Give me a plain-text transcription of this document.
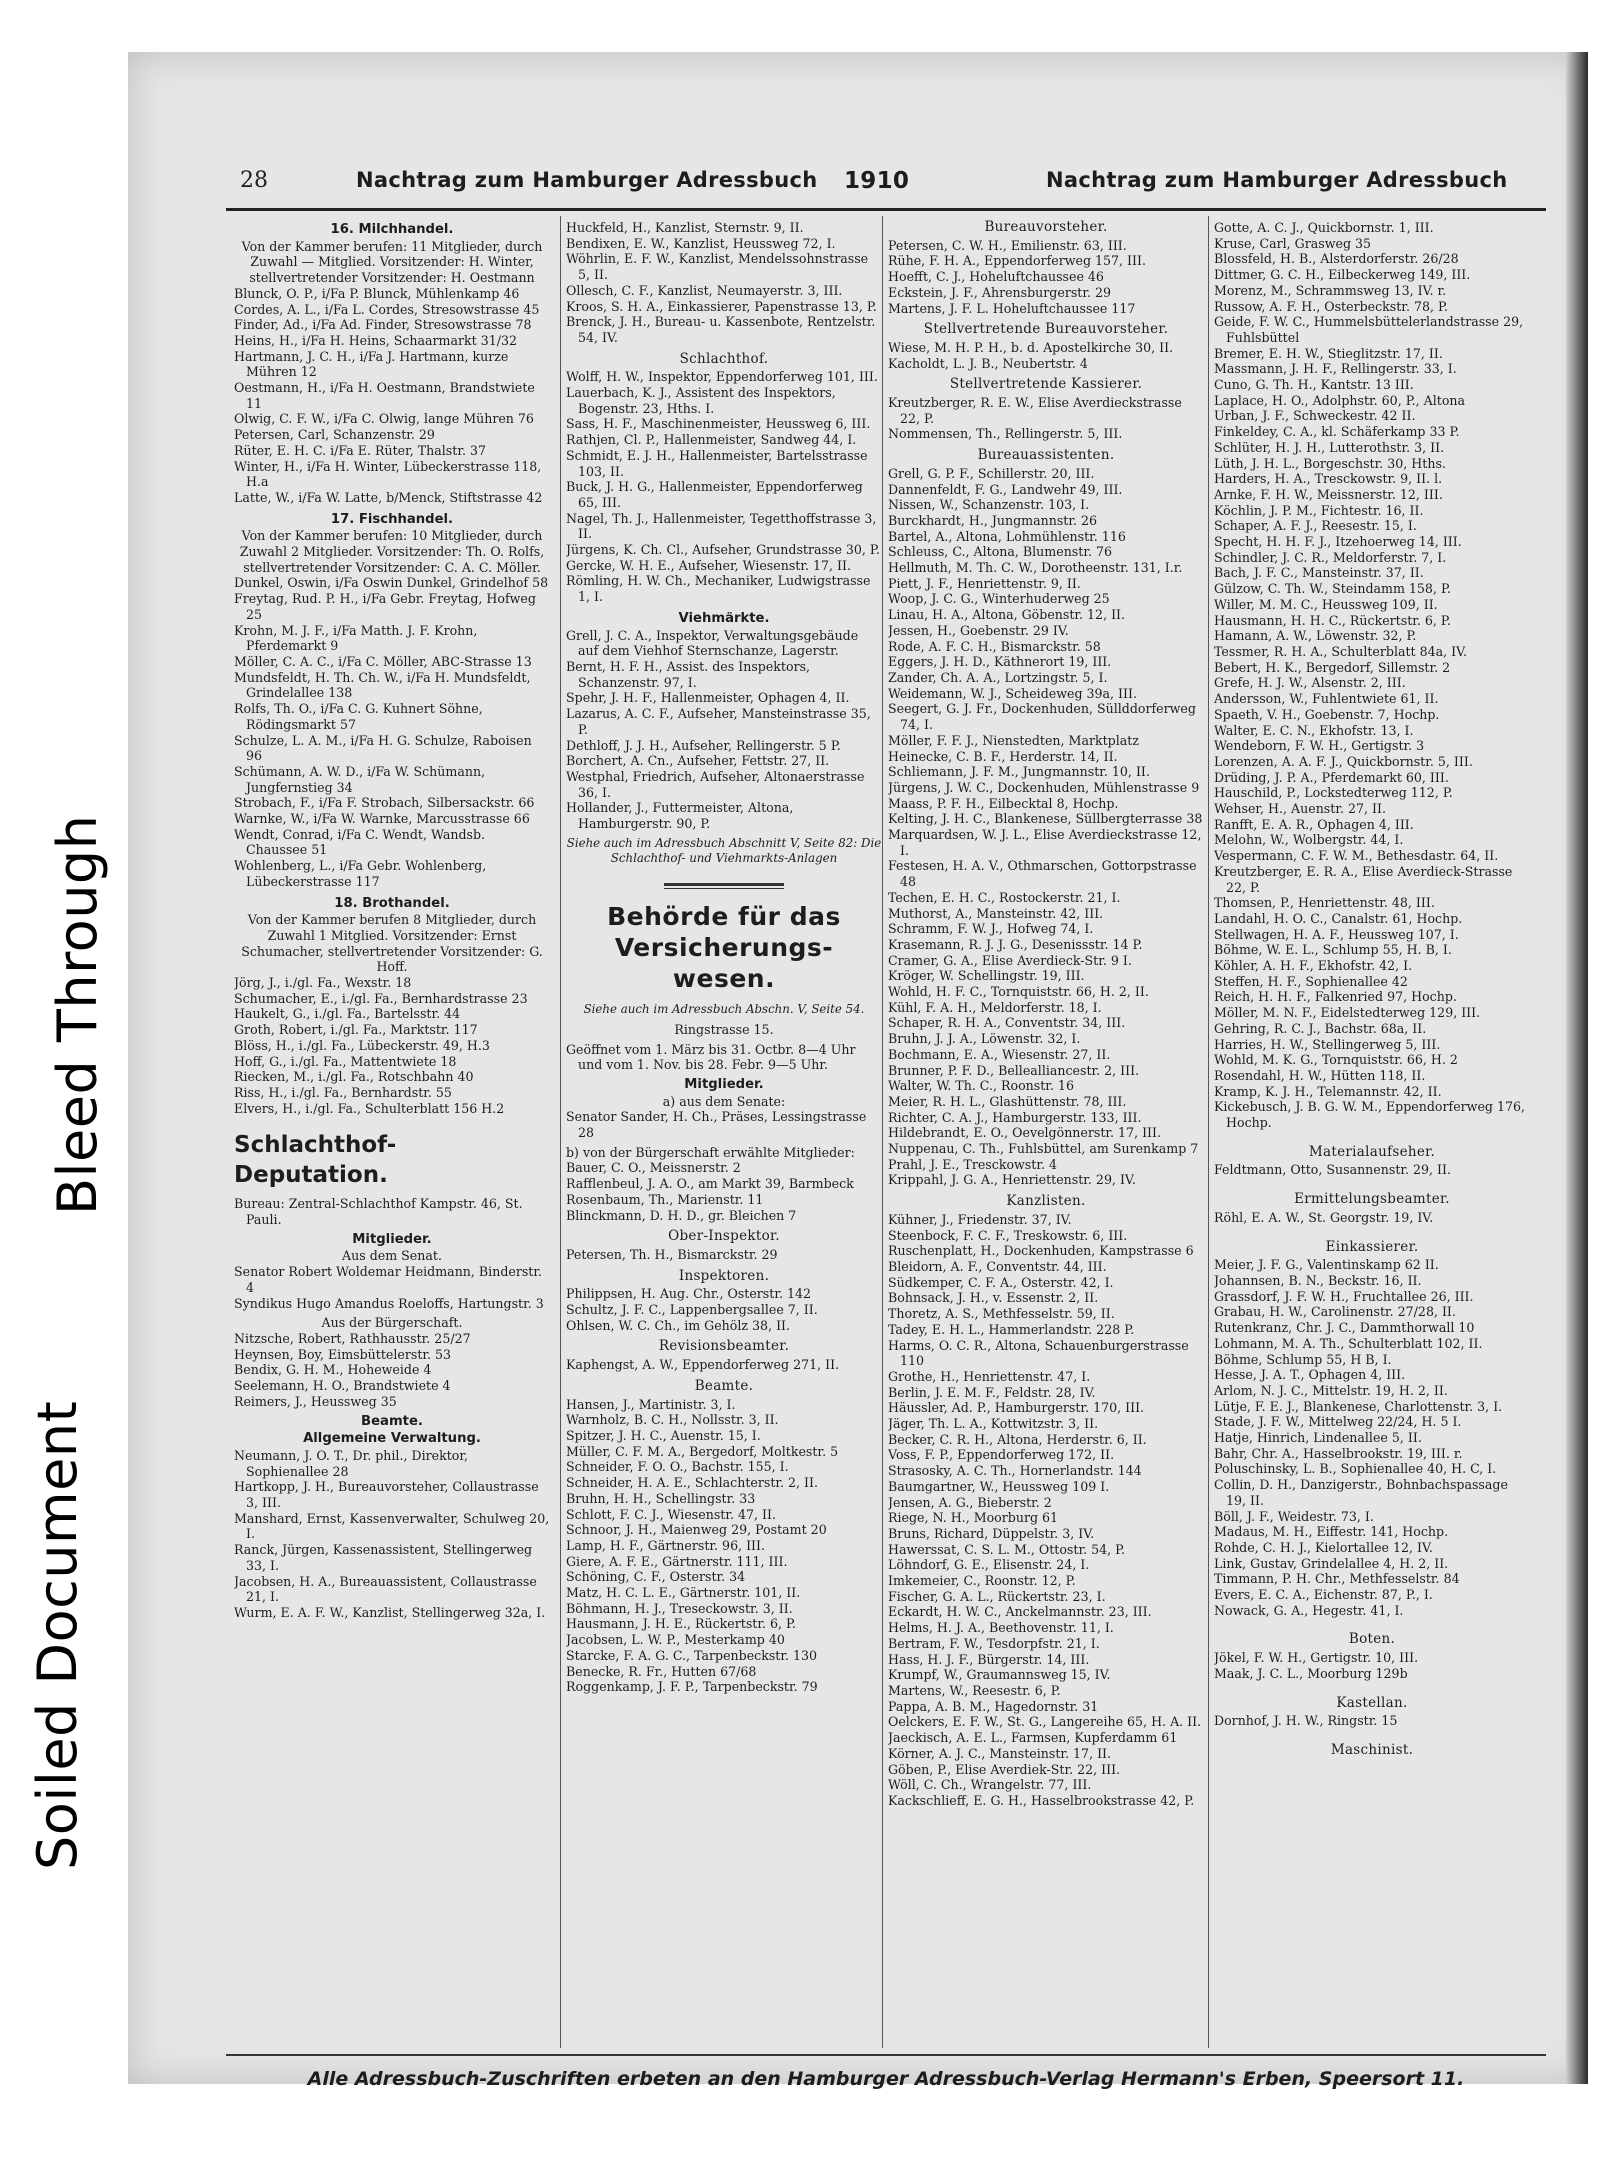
Soiled Document
Bleed Through
28	Nachtrag zum Hamburger Adressbuch 1910	Nachtrag zum Hamburger Adressbuch
16. Milchhandel.
Von der Kammer berufen: 11 Mitglieder, durch Zuwahl — Mitglied. Vorsitzender: H. Winter, stellvertretender Vorsitzender: H. Oestmann
Blunck, O. P., i/Fa P. Blunck, Mühlenkamp 46
Cordes, A. L., i/Fa L. Cordes, Stresowstrasse 45
Finder, Ad., i/Fa Ad. Finder, Stresowstrasse 78
Heins, H., i/Fa H. Heins, Schaarmarkt 31/32
Hartmann, J. C. H., i/Fa J. Hartmann, kurze Mühren 12
Oestmann, H., i/Fa H. Oestmann, Brandstwiete 11
Olwig, C. F. W., i/Fa C. Olwig, lange Mühren 76
Petersen, Carl, Schanzenstr. 29
Rüter, E. H. C. i/Fa E. Rüter, Thalstr. 37
Winter, H., i/Fa H. Winter, Lübeckerstrasse 118, H.a
Latte, W., i/Fa W. Latte, b/Menck, Stiftstrasse 42
17. Fischhandel.
Von der Kammer berufen: 10 Mitglieder, durch Zuwahl 2 Mitglieder. Vorsitzender: Th. O. Rolfs, stellvertretender Vorsitzender: C. A. C. Möller.
Dunkel, Oswin, i/Fa Oswin Dunkel, Grindelhof 58
Freytag, Rud. P. H., i/Fa Gebr. Freytag, Hofweg 25
Krohn, M. J. F., i/Fa Matth. J. F. Krohn, Pferdemarkt 9
Möller, C. A. C., i/Fa C. Möller, ABC-Strasse 13
Mundsfeldt, H. Th. Ch. W., i/Fa H. Mundsfeldt, Grindelallee 138
Rolfs, Th. O., i/Fa C. G. Kuhnert Söhne, Rödingsmarkt 57
Schulze, L. A. M., i/Fa H. G. Schulze, Raboisen 96
Schümann, A. W. D., i/Fa W. Schümann, Jungfernstieg 34
Strobach, F., i/Fa F. Strobach, Silbersackstr. 66
Warnke, W., i/Fa W. Warnke, Marcusstrasse 66
Wendt, Conrad, i/Fa C. Wendt, Wandsb. Chaussee 51
Wohlenberg, L., i/Fa Gebr. Wohlenberg, Lübeckerstrasse 117
18. Brothandel.
Von der Kammer berufen 8 Mitglieder, durch Zuwahl 1 Mitglied. Vorsitzender: Ernst Schumacher, stellvertretender Vorsitzender: G. Hoff.
Jörg, J., i./gl. Fa., Wexstr. 18
Schumacher, E., i./gl. Fa., Bernhardstrasse 23
Haukelt, G., i./gl. Fa., Bartelsstr. 44
Groth, Robert, i./gl. Fa., Marktstr. 117
Blöss, H., i./gl. Fa., Lübeckerstr. 49, H.3
Hoff, G., i./gl. Fa., Mattentwiete 18
Riecken, M., i./gl. Fa., Rotschbahn 40
Riss, H., i./gl. Fa., Bernhardstr. 55
Elvers, H., i./gl. Fa., Schulterblatt 156 H.2
Schlachthof-Deputation.
Bureau: Zentral-Schlachthof Kampstr. 46, St. Pauli.
Mitglieder.
Aus dem Senat.
Senator Robert Woldemar Heidmann, Binderstr. 4
Syndikus Hugo Amandus Roeloffs, Hartungstr. 3
Aus der Bürgerschaft.
Nitzsche, Robert, Rathhausstr. 25/27
Heynsen, Boy, Eimsbüttelerstr. 53
Bendix, G. H. M., Hoheweide 4
Seelemann, H. O., Brandstwiete 4
Reimers, J., Heussweg 35
Beamte.
Allgemeine Verwaltung.
Neumann, J. O. T., Dr. phil., Direktor, Sophienallee 28
Hartkopp, J. H., Bureauvorsteher, Collaustrasse 3, III.
Manshard, Ernst, Kassenverwalter, Schulweg 20, I.
Ranck, Jürgen, Kassenassistent, Stellingerweg 33, I.
Jacobsen, H. A., Bureauassistent, Collaustrasse 21, I.
Wurm, E. A. F. W., Kanzlist, Stellingerweg 32a, I.
Huckfeld, H., Kanzlist, Sternstr. 9, II.
Bendixen, E. W., Kanzlist, Heussweg 72, I.
Wöhrlin, E. F. W., Kanzlist, Mendelssohnstrasse 5, II.
Ollesch, C. F., Kanzlist, Neumayerstr. 3, III.
Kroos, S. H. A., Einkassierer, Papenstrasse 13, P.
Brenck, J. H., Bureau- u. Kassenbote, Rentzelstr. 54, IV.
Schlachthof.
Wolff, H. W., Inspektor, Eppendorferweg 101, III.
Lauerbach, K. J., Assistent des Inspektors, Bogenstr. 23, Hths. I.
Sass, H. F., Maschinenmeister, Heussweg 6, III.
Rathjen, Cl. P., Hallenmeister, Sandweg 44, I.
Schmidt, E. J. H., Hallenmeister, Bartelsstrasse 103, II.
Buck, J. H. G., Hallenmeister, Eppendorferweg 65, III.
Nagel, Th. J., Hallenmeister, Tegetthoffstrasse 3, II.
Jürgens, K. Ch. Cl., Aufseher, Grundstrasse 30, P.
Gercke, W. H. E., Aufseher, Wiesenstr. 17, II.
Römling, H. W. Ch., Mechaniker, Ludwigstrasse 1, I.
Viehmärkte.
Grell, J. C. A., Inspektor, Verwaltungsgebäude auf dem Viehhof Sternschanze, Lagerstr.
Bernt, H. F. H., Assist. des Inspektors, Schanzenstr. 97, I.
Spehr, J. H. F., Hallenmeister, Ophagen 4, II.
Lazarus, A. C. F., Aufseher, Mansteinstrasse 35, P.
Dethloff, J. J. H., Aufseher, Rellingerstr. 5 P.
Borchert, A. Cn., Aufseher, Fettstr. 27, II.
Westphal, Friedrich, Aufseher, Altonaerstrasse 36, I.
Hollander, J., Futtermeister, Altona, Hamburgerstr. 90, P.
Siehe auch im Adressbuch Abschnitt V, Seite 82: Die Schlachthof- und Viehmarkts-Anlagen
Behörde für das Versicherungs-wesen.
Siehe auch im Adressbuch Abschn. V, Seite 54.
Ringstrasse 15.
Geöffnet vom 1. März bis 31. Octbr. 8—4 Uhr und vom 1. Nov. bis 28. Febr. 9—5 Uhr.
Mitglieder.
a) aus dem Senate:
Senator Sander, H. Ch., Präses, Lessingstrasse 28
b) von der Bürgerschaft erwählte Mitglieder:
Bauer, C. O., Meissnerstr. 2
Rafflenbeul, J. A. O., am Markt 39, Barmbeck
Rosenbaum, Th., Marienstr. 11
Blinckmann, D. H. D., gr. Bleichen 7
Ober-Inspektor.
Petersen, Th. H., Bismarckstr. 29
Inspektoren.
Philippsen, H. Aug. Chr., Osterstr. 142
Schultz, J. F. C., Lappenbergsallee 7, II.
Ohlsen, W. C. Ch., im Gehölz 38, II.
Revisionsbeamter.
Kaphengst, A. W., Eppendorferweg 271, II.
Beamte.
Hansen, J., Martinistr. 3, I.
Warnholz, B. C. H., Nollsstr. 3, II.
Spitzer, J. H. C., Auenstr. 15, I.
Müller, C. F. M. A., Bergedorf, Moltkestr. 5
Schneider, F. O. O., Bachstr. 155, I.
Schneider, H. A. E., Schlachterstr. 2, II.
Bruhn, H. H., Schellingstr. 33
Schlott, F. C. J., Wiesenstr. 47, II.
Schnoor, J. H., Maienweg 29, Postamt 20
Lamp, H. F., Gärtnerstr. 96, III.
Giere, A. F. E., Gärtnerstr. 111, III.
Schöning, C. F., Osterstr. 34
Matz, H. C. L. E., Gärtnerstr. 101, II.
Böhmann, H. J., Treseckowstr. 3, II.
Hausmann, J. H. E., Rückertstr. 6, P.
Jacobsen, L. W. P., Mesterkamp 40
Starcke, F. A. G. C., Tarpenbeckstr. 130
Benecke, R. Fr., Hutten 67/68
Roggenkamp, J. F. P., Tarpenbeckstr. 79
Bureauvorsteher.
Petersen, C. W. H., Emilienstr. 63, III.
Rühe, F. H. A., Eppendorferweg 157, III.
Hoefft, C. J., Hoheluftchaussee 46
Eckstein, J. F., Ahrensburgerstr. 29
Martens, J. F. L. Hoheluftchaussee 117
Stellvertretende Bureauvorsteher.
Wiese, M. H. P. H., b. d. Apostelkirche 30, II.
Kacholdt, L. J. B., Neubertstr. 4
Stellvertretende Kassierer.
Kreutzberger, R. E. W., Elise Averdieckstrasse 22, P.
Nommensen, Th., Rellingerstr. 5, III.
Bureauassistenten.
Grell, G. P. F., Schillerstr. 20, III.
Dannenfeldt, F. G., Landwehr 49, III.
Nissen, W., Schanzenstr. 103, I.
Burckhardt, H., Jungmannstr. 26
Bartel, A., Altona, Lohmühlenstr. 116
Schleuss, C., Altona, Blumenstr. 76
Hellmuth, M. Th. C. W., Dorotheenstr. 131, I.r.
Piett, J. F., Henriettenstr. 9, II.
Woop, J. C. G., Winterhuderweg 25
Linau, H. A., Altona, Göbenstr. 12, II.
Jessen, H., Goebenstr. 29 IV.
Rode, A. F. C. H., Bismarckstr. 58
Eggers, J. H. D., Käthnerort 19, III.
Zander, Ch. A. A., Lortzingstr. 5, I.
Weidemann, W. J., Scheideweg 39a, III.
Seegert, G. J. Fr., Dockenhuden, Süllddorferweg 74, I.
Möller, F. F. J., Nienstedten, Marktplatz
Heinecke, C. B. F., Herderstr. 14, II.
Schliemann, J. F. M., Jungmannstr. 10, II.
Jürgens, J. W. C., Dockenhuden, Mühlenstrasse 9
Maass, P. F. H., Eilbecktal 8, Hochp.
Kelting, J. H. C., Blankenese, Süllbergterrasse 38
Marquardsen, W. J. L., Elise Averdieckstrasse 12, I.
Festesen, H. A. V., Othmarschen, Gottorpstrasse 48
Techen, E. H. C., Rostockerstr. 21, I.
Muthorst, A., Mansteinstr. 42, III.
Schramm, F. W. J., Hofweg 74, I.
Krasemann, R. J. J. G., Desenissstr. 14 P.
Cramer, G. A., Elise Averdieck-Str. 9 I.
Kröger, W. Schellingstr. 19, III.
Wohld, H. F. C., Tornquiststr. 66, H. 2, II.
Kühl, F. A. H., Meldorferstr. 18, I.
Schaper, R. H. A., Conventstr. 34, III.
Bruhn, J. J. A., Löwenstr. 32, I.
Bochmann, E. A., Wiesenstr. 27, II.
Brunner, P. F. D., Bellealliancestr. 2, III.
Walter, W. Th. C., Roonstr. 16
Meier, R. H. L., Glashüttenstr. 78, III.
Richter, C. A. J., Hamburgerstr. 133, III.
Hildebrandt, E. O., Oevelgönnerstr. 17, III.
Nuppenau, C. Th., Fuhlsbüttel, am Surenkamp 7
Prahl, J. E., Tresckowstr. 4
Krippahl, J. G. A., Henriettenstr. 29, IV.
Kanzlisten.
Kühner, J., Friedenstr. 37, IV.
Steenbock, F. C. F., Treskowstr. 6, III.
Ruschenplatt, H., Dockenhuden, Kampstrasse 6
Bleidorn, A. F., Conventstr. 44, III.
Südkemper, C. F. A., Osterstr. 42, I.
Bohnsack, J. H., v. Essenstr. 2, II.
Thoretz, A. S., Methfesselstr. 59, II.
Tadey, E. H. L., Hammerlandstr. 228 P.
Harms, O. C. R., Altona, Schauenburgerstrasse 110
Grothe, H., Henriettenstr. 47, I.
Berlin, J. E. M. F., Feldstr. 28, IV.
Häussler, Ad. P., Hamburgerstr. 170, III.
Jäger, Th. L. A., Kottwitzstr. 3, II.
Becker, C. R. H., Altona, Herderstr. 6, II.
Voss, F. P., Eppendorferweg 172, II.
Strasosky, A. C. Th., Hornerlandstr. 144
Baumgartner, W., Heussweg 109 I.
Jensen, A. G., Bieberstr. 2
Riege, N. H., Moorburg 61
Bruns, Richard, Düppelstr. 3, IV.
Hawerssat, C. S. L. M., Ottostr. 54, P.
Löhndorf, G. E., Elisenstr. 24, I.
Imkemeier, C., Roonstr. 12, P.
Fischer, G. A. L., Rückertstr. 23, I.
Eckardt, H. W. C., Anckelmannstr. 23, III.
Helms, H. J. A., Beethovenstr. 11, I.
Bertram, F. W., Tesdorpfstr. 21, I.
Hass, H. J. F., Bürgerstr. 14, III.
Krumpf, W., Graumannsweg 15, IV.
Martens, W., Reesestr. 6, P.
Pappa, A. B. M., Hagedornstr. 31
Oelckers, E. F. W., St. G., Langereihe 65, H. A. II.
Jaeckisch, A. E. L., Farmsen, Kupferdamm 61
Körner, A. J. C., Mansteinstr. 17, II.
Göben, P., Elise Averdiek-Str. 22, III.
Wöll, C. Ch., Wrangelstr. 77, III.
Kackschlieff, E. G. H., Hasselbrookstrasse 42, P.
Gotte, A. C. J., Quickbornstr. 1, III.
Kruse, Carl, Grasweg 35
Blossfeld, H. B., Alsterdorferstr. 26/28
Dittmer, G. C. H., Eilbeckerweg 149, III.
Morenz, M., Schrammsweg 13, IV. r.
Russow, A. F. H., Osterbeckstr. 78, P.
Geide, F. W. C., Hummelsbüttelerlandstrasse 29, Fuhlsbüttel
Bremer, E. H. W., Stieglitzstr. 17, II.
Massmann, J. H. F., Rellingerstr. 33, I.
Cuno, G. Th. H., Kantstr. 13 III.
Laplace, H. O., Adolphstr. 60, P., Altona
Urban, J. F., Schweckestr. 42 II.
Finkeldey, C. A., kl. Schäferkamp 33 P.
Schlüter, H. J. H., Lutterothstr. 3, II.
Lüth, J. H. L., Borgeschstr. 30, Hths.
Harders, H. A., Tresckowstr. 9, II. l.
Arnke, F. H. W., Meissnerstr. 12, III.
Köchlin, J. P. M., Fichtestr. 16, II.
Schaper, A. F. J., Reesestr. 15, I.
Specht, H. H. F. J., Itzehoerweg 14, III.
Schindler, J. C. R., Meldorferstr. 7, I.
Bach, J. F. C., Mansteinstr. 37, II.
Gülzow, C. Th. W., Steindamm 158, P.
Willer, M. M. C., Heussweg 109, II.
Hausmann, H. H. C., Rückertstr. 6, P.
Hamann, A. W., Löwenstr. 32, P.
Tessmer, R. H. A., Schulterblatt 84a, IV.
Bebert, H. K., Bergedorf, Sillemstr. 2
Grefe, H. J. W., Alsenstr. 2, III.
Andersson, W., Fuhlentwiete 61, II.
Spaeth, V. H., Goebenstr. 7, Hochp.
Walter, E. C. N., Ekhofstr. 13, I.
Wendeborn, F. W. H., Gertigstr. 3
Lorenzen, A. A. F. J., Quickbornstr. 5, III.
Drüding, J. P. A., Pferdemarkt 60, III.
Hauschild, P., Lockstedterweg 112, P.
Wehser, H., Auenstr. 27, II.
Ranfft, E. A. R., Ophagen 4, III.
Melohn, W., Wolbergstr. 44, I.
Vespermann, C. F. W. M., Bethesdastr. 64, II.
Kreutzberger, E. R. A., Elise Averdieck-Strasse 22, P.
Thomsen, P., Henriettenstr. 48, III.
Landahl, H. O. C., Canalstr. 61, Hochp.
Stellwagen, H. A. F., Heussweg 107, I.
Böhme, W. E. L., Schlump 55, H. B, I.
Köhler, A. H. F., Ekhofstr. 42, I.
Steffen, H. F., Sophienallee 42
Reich, H. H. F., Falkenried 97, Hochp.
Möller, M. N. F., Eidelstedterweg 129, III.
Gehring, R. C. J., Bachstr. 68a, II.
Harries, H. W., Stellingerweg 5, III.
Wohld, M. K. G., Tornquiststr. 66, H. 2
Rosendahl, H. W., Hütten 118, II.
Kramp, K. J. H., Telemannstr. 42, II.
Kickebusch, J. B. G. W. M., Eppendorferweg 176, Hochp.
Materialaufseher.
Feldtmann, Otto, Susannenstr. 29, II.
Ermittelungsbeamter.
Röhl, E. A. W., St. Georgstr. 19, IV.
Einkassierer.
Meier, J. F. G., Valentinskamp 62 II.
Johannsen, B. N., Beckstr. 16, II.
Grassdorf, J. F. W. H., Fruchtallee 26, III.
Grabau, H. W., Carolinenstr. 27/28, II.
Rutenkranz, Chr. J. C., Dammthorwall 10
Lohmann, M. A. Th., Schulterblatt 102, II.
Böhme, Schlump 55, H B, I.
Hesse, J. A. T., Ophagen 4, III.
Arlom, N. J. C., Mittelstr. 19, H. 2, II.
Lütje, F. E. J., Blankenese, Charlottenstr. 3, I.
Stade, J. F. W., Mittelweg 22/24, H. 5 I.
Hatje, Hinrich, Lindenallee 5, II.
Bahr, Chr. A., Hasselbrookstr. 19, III. r.
Poluschinsky, L. B., Sophienallee 40, H. C, I.
Collin, D. H., Danzigerstr., Bohnbachspassage 19, II.
Böll, J. F., Weidestr. 73, I.
Madaus, M. H., Eiffestr. 141, Hochp.
Rohde, C. H. J., Kielortallee 12, IV.
Link, Gustav, Grindelallee 4, H. 2, II.
Timmann, P. H. Chr., Methfesselstr. 84
Evers, E. C. A., Eichenstr. 87, P., I.
Nowack, G. A., Hegestr. 41, I.
Boten.
Jökel, F. W. H., Gertigstr. 10, III.
Maak, J. C. L., Moorburg 129b
Kastellan.
Dornhof, J. H. W., Ringstr. 15
Maschinist.
Alle Adressbuch-Zuschriften erbeten an den Hamburger Adressbuch-Verlag Hermann's Erben, Speersort 11.
